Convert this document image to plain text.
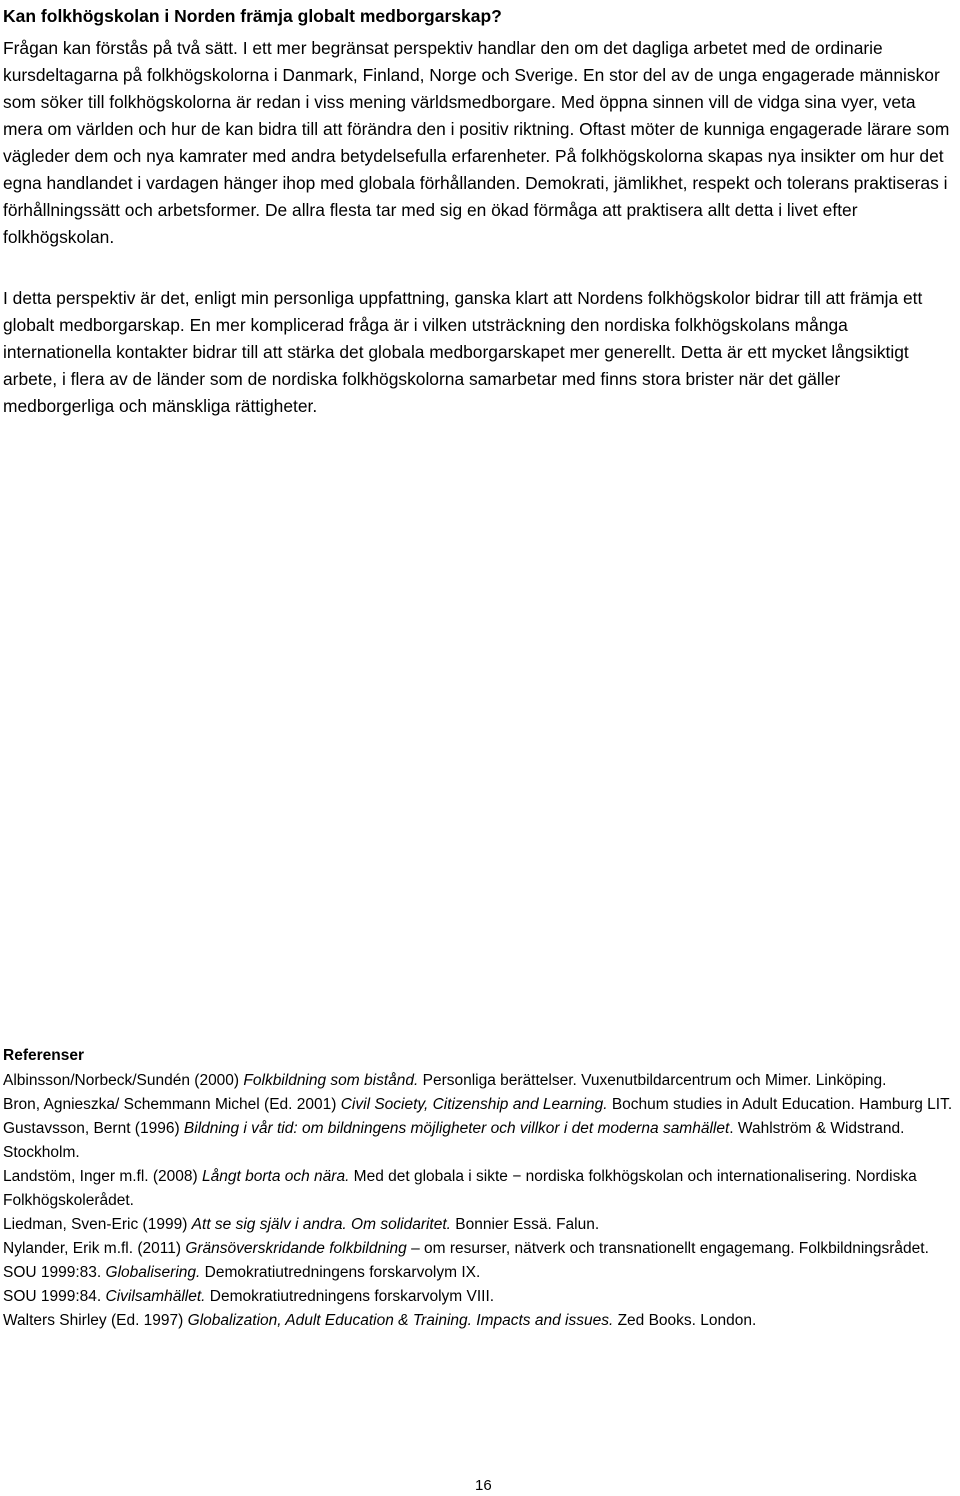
Kan folkhögskolan i Norden främja globalt medborgarskap?

Frågan kan förstås på två sätt. I ett mer begränsat perspektiv handlar den om det dagliga arbetet med de ordinarie kursdeltagarna på folkhögskolorna i Danmark, Finland, Norge och Sverige. En stor del av de unga engagerade människor som söker till folkhögskolorna är redan i viss mening världsmedborgare. Med öppna sinnen vill de vidga sina vyer, veta mera om världen och hur de kan bidra till att förändra den i positiv riktning. Oftast möter de kunniga engagerade lärare som vägleder dem och nya kamrater med andra betydelsefulla erfarenheter. På folkhögskolorna skapas nya insikter om hur det egna handlandet i vardagen hänger ihop med globala förhållanden. Demokrati, jämlikhet, respekt och tolerans praktiseras i förhållningssätt och arbetsformer. De allra flesta tar med sig en ökad förmåga att praktisera allt detta i livet efter folkhögskolan.

I detta perspektiv är det, enligt min personliga uppfattning, ganska klart att Nordens folkhögskolor bidrar till att främja ett globalt medborgarskap. En mer komplicerad fråga är i vilken utsträckning den nordiska folkhögskolans många internationella kontakter bidrar till att stärka det globala medborgarskapet mer generellt. Detta är ett mycket långsiktigt arbete, i flera av de länder som de nordiska folkhögskolorna samarbetar med finns stora brister när det gäller medborgerliga och mänskliga rättigheter.

Referenser

Albinsson/Norbeck/Sundén (2000) Folkbildning som bistånd. Personliga berättelser. Vuxenutbildarcentrum och Mimer. Linköping.

Bron, Agnieszka/ Schemmann Michel (Ed. 2001) Civil Society, Citizenship and Learning. Bochum studies in Adult Education. Hamburg LIT.

Gustavsson, Bernt (1996) Bildning i vår tid: om bildningens möjligheter och villkor i det moderna samhället. Wahlström & Widstrand. Stockholm.

Landstöm, Inger m.fl. (2008) Långt borta och nära. Med det globala i sikte − nordiska folkhögskolan och internationalisering. Nordiska Folkhögskolerådet.

Liedman, Sven-Eric (1999) Att se sig själv i andra. Om solidaritet. Bonnier Essä. Falun.

Nylander, Erik m.fl. (2011) Gränsöverskridande folkbildning – om resurser, nätverk och transnationellt engagemang. Folkbildningsrådet.

SOU 1999:83. Globalisering. Demokratiutredningens forskarvolym IX.

SOU 1999:84. Civilsamhället. Demokratiutredningens forskarvolym VIII.

Walters Shirley (Ed. 1997) Globalization, Adult Education & Training. Impacts and issues. Zed Books. London.

16
